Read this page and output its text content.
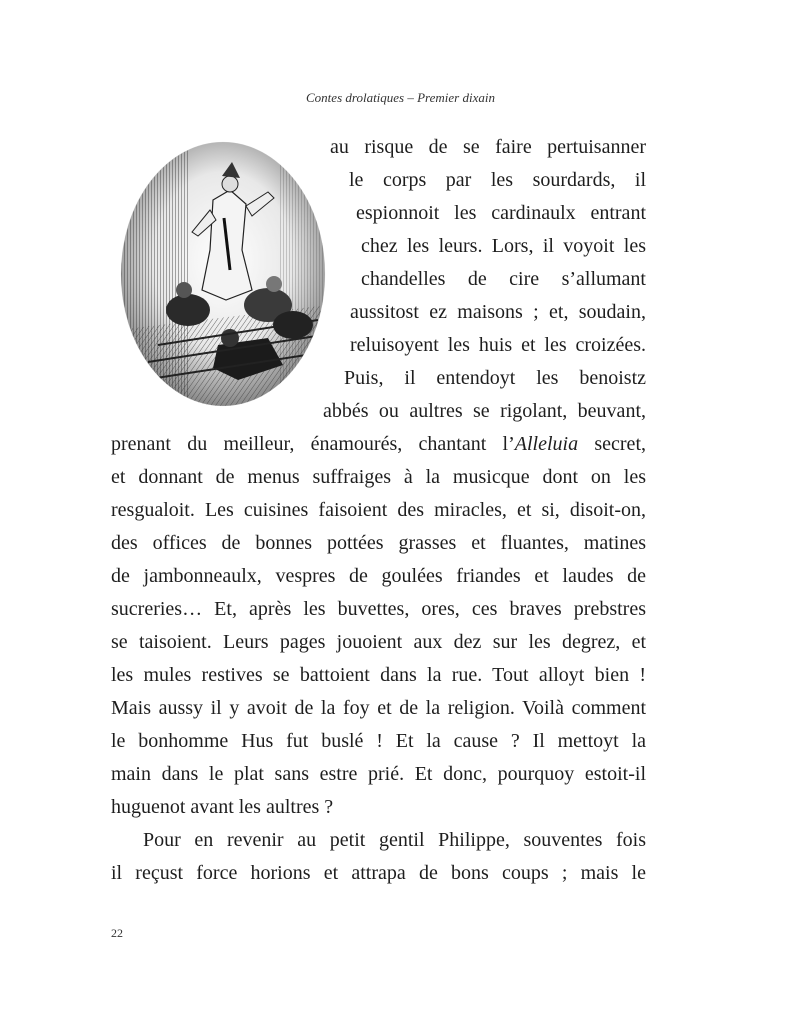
Contes drolatiques – Premier dixain
au risque de se faire pertuisanner
le corps par les sourdards, il
espionnoit les cardinaulx entrant
chez les leurs. Lors, il voyoit les
chandelles de cire s’allumant
aussitost ez maisons ; et, soudain,
reluisoyent les huis et les croizées.
Puis, il entendoyt les benoistz
abbés ou aultres se rigolant, beuvant,
prenant du meilleur, énamourés, chantant l’Alleluia secret,
et donnant de menus suffraiges à la musicque dont on les
resgualoit. Les cuisines faisoient des miracles, et si, disoit-on,
des offices de bonnes pottées grasses et fluantes, matines
de jambonneaulx, vespres de goulées friandes et laudes de
sucreries… Et, après les buvettes, ores, ces braves prebstres
se taisoient. Leurs pages jouoient aux dez sur les degrez, et
les mules restives se battoient dans la rue. Tout alloyt bien !
Mais aussy il y avoit de la foy et de la religion. Voilà comment
le bonhomme Hus fut buslé ! Et la cause ? Il mettoyt la
main dans le plat sans estre prié. Et donc, pourquoy estoit-il
huguenot avant les aultres ?
Pour en revenir au petit gentil Philippe, souventes fois
il reçust force horions et attrapa de bons coups ; mais le
22
